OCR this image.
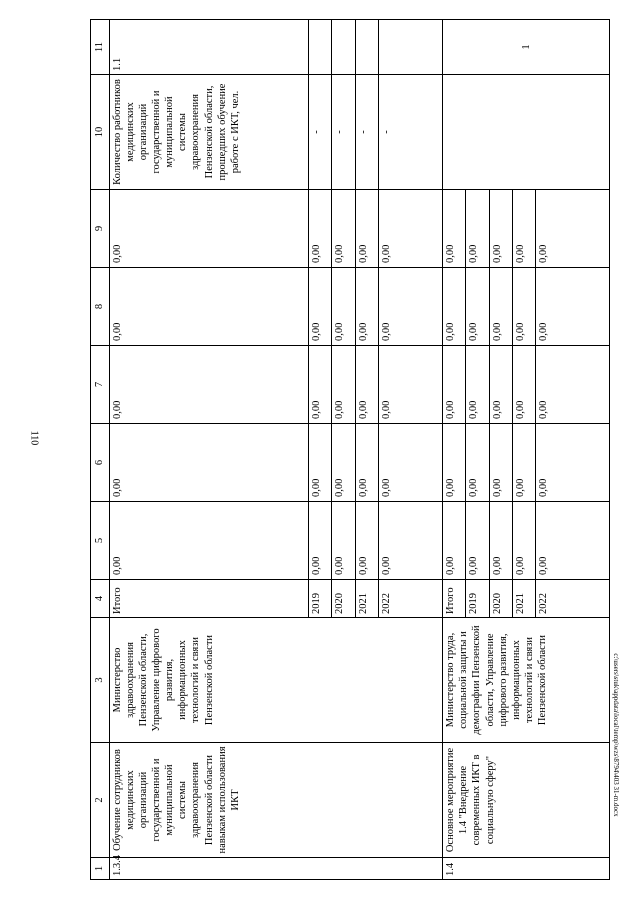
110
1	2	3	4	5	6	7	8	9	10	11
1.3.4	Обучение сотрудников медицинских организаций государственной и муниципальной системы здравоохранения Пензенской области навыкам использования ИКТ	Министерство здравоохранения Пензенской области, Управление цифрового развития, информационных технологий и связи Пензенской области	Итого	0,00	0,00	0,00	0,00	0,00	Количество работников медицинских организаций государственной и муниципальной системы здравоохранения Пензенской области, прошедших обучение работе с ИКТ, чел.	1.1
			2019	0,00	0,00	0,00	0,00	0,00	-	
			2020	0,00	0,00	0,00	0,00	0,00	-	
			2021	0,00	0,00	0,00	0,00	0,00	-	
			2022	0,00	0,00	0,00	0,00	0,00	-	
1.4	Основное мероприятие 1.4 "Внедрение современных ИКТ в социальную сферу"	Министерство труда, социальной защиты и демографии Пензенской области, Управление цифрового развития, информационных технологий и связи Пензенской области	Итого	0,00	0,00	0,00	0,00	0,00		1
			2019	0,00	0,00	0,00	0,00	0,00		
			2020	0,00	0,00	0,00	0,00	0,00		
			2021	0,00	0,00	0,00	0,00	0,00		
			2022	0,00	0,00	0,00	0,00	0,00		
c:\users\stuk\appdata\local\temp\wzs\8794\403 31-m.docx
